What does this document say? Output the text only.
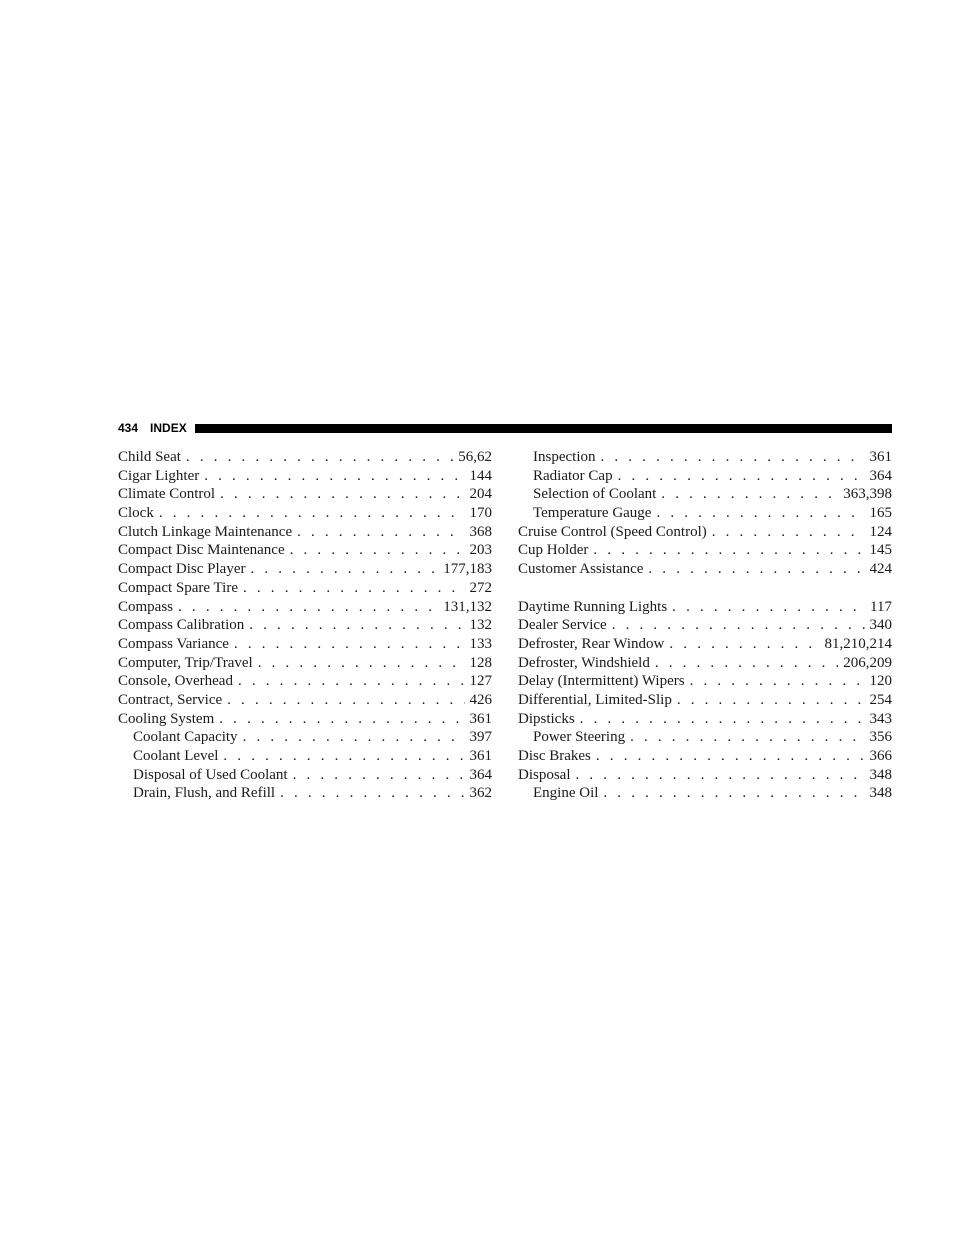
434 INDEX
Child Seat . . .	56,62
Cigar Lighter . . .	144
Climate Control . . .	204
Clock . . .	170
Clutch Linkage Maintenance . . .	368
Compact Disc Maintenance . . .	203
Compact Disc Player . . .	177,183
Compact Spare Tire . . .	272
Compass . . .	131,132
Compass Calibration . . .	132
Compass Variance . . .	133
Computer, Trip/Travel . . .	128
Console, Overhead . . .	127
Contract, Service . . .	426
Cooling System . . .	361
Coolant Capacity . . .	397
Coolant Level . . .	361
Disposal of Used Coolant . . .	364
Drain, Flush, and Refill . . .	362
Inspection . . .	361
Radiator Cap . . .	364
Selection of Coolant . . .	363,398
Temperature Gauge . . .	165
Cruise Control (Speed Control) . . .	124
Cup Holder . . .	145
Customer Assistance . . .	424
Daytime Running Lights . . .	117
Dealer Service . . .	340
Defroster, Rear Window . . .	81,210,214
Defroster, Windshield . . .	206,209
Delay (Intermittent) Wipers . . .	120
Differential, Limited-Slip . . .	254
Dipsticks . . .	343
Power Steering . . .	356
Disc Brakes . . .	366
Disposal . . .	348
Engine Oil . . .	348
